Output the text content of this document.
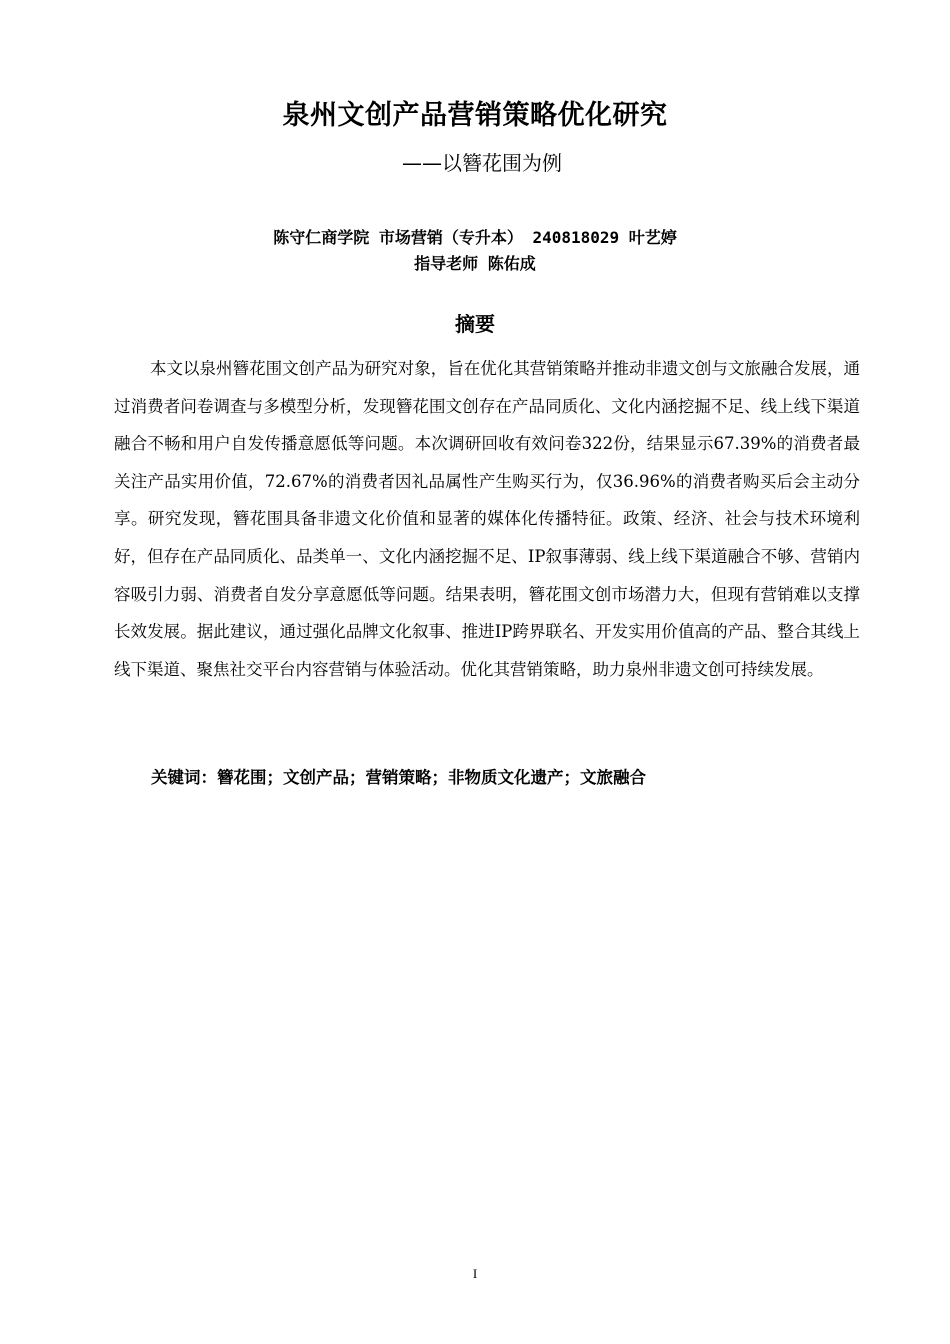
泉州文创产品营销策略优化研究
——以簪花围为例
陈守仁商学院 市场营销（专升本） 240818029 叶艺婷
指导老师 陈佑成
摘要

本文以泉州簪花围文创产品为研究对象，旨在优化其营销策略并推动非遗文创与文旅融合发展，通过消费者问卷调查与多模型分析，发现簪花围文创存在产品同质化、文化内涵挖掘不足、线上线下渠道融合不畅和用户自发传播意愿低等问题。本次调研回收有效问卷322份，结果显示67.39%的消费者最关注产品实用价值，72.67%的消费者因礼品属性产生购买行为，仅36.96%的消费者购买后会主动分享。研究发现，簪花围具备非遗文化价值和显著的媒体化传播特征。政策、经济、社会与技术环境利好，但存在产品同质化、品类单一、文化内涵挖掘不足、IP叙事薄弱、线上线下渠道融合不够、营销内容吸引力弱、消费者自发分享意愿低等问题。结果表明，簪花围文创市场潜力大，但现有营销难以支撑长效发展。据此建议，通过强化品牌文化叙事、推进IP跨界联名、开发实用价值高的产品、整合其线上线下渠道、聚焦社交平台内容营销与体验活动。优化其营销策略，助力泉州非遗文创可持续发展。

关键词：簪花围；文创产品；营销策略；非物质文化遗产；文旅融合
I
